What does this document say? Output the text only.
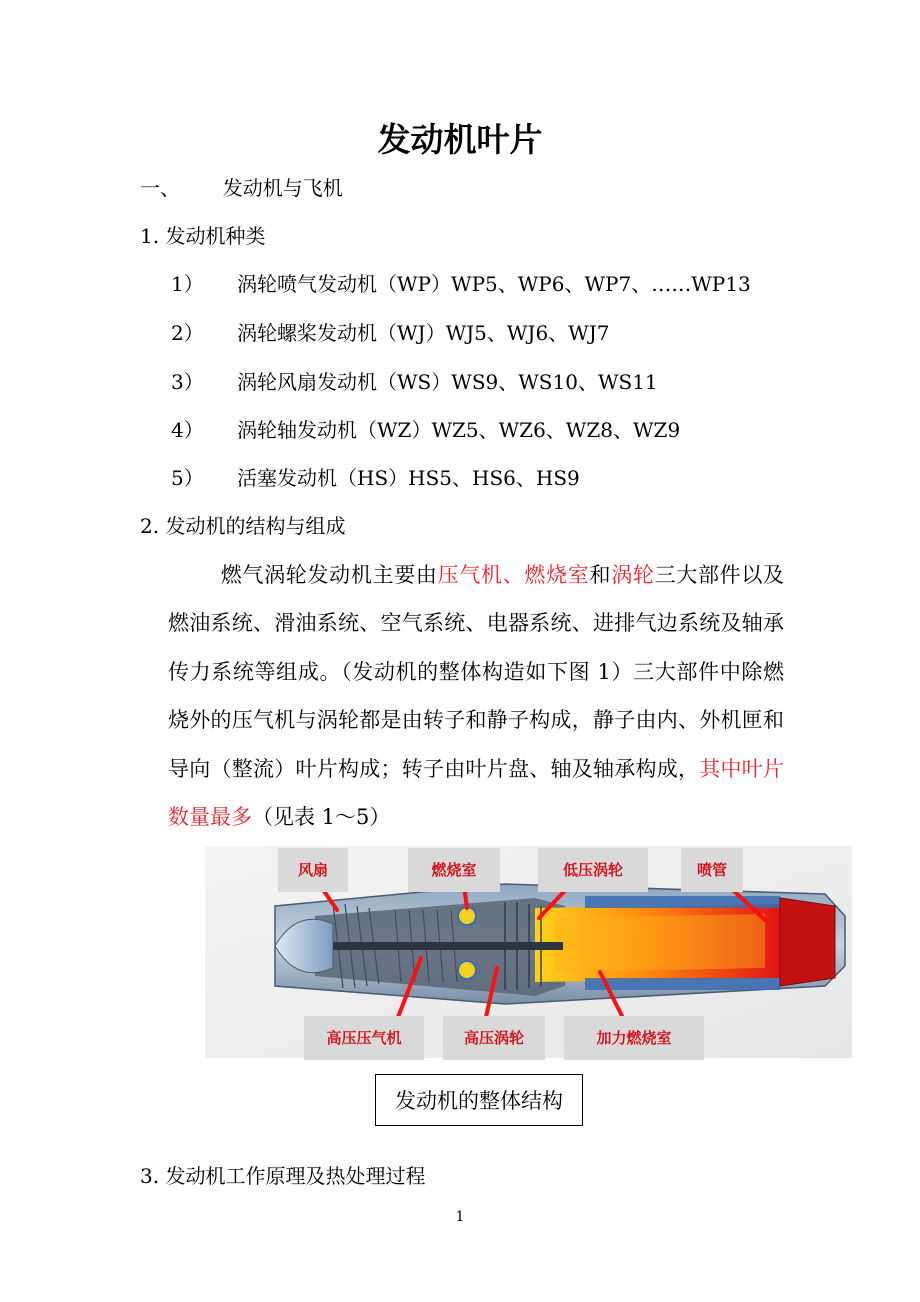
发动机叶片
一、 发动机与飞机
1. 发动机种类
1） 涡轮喷气发动机（WP）WP5、WP6、WP7、……WP13
2） 涡轮螺桨发动机（WJ）WJ5、WJ6、WJ7
3） 涡轮风扇发动机（WS）WS9、WS10、WS11
4） 涡轮轴发动机（WZ）WZ5、WZ6、WZ8、WZ9
5） 活塞发动机（HS）HS5、HS6、HS9
2. 发动机的结构与组成
燃气涡轮发动机主要由压气机、燃烧室和涡轮三大部件以及燃油系统、滑油系统、空气系统、电器系统、进排气边系统及轴承传力系统等组成。（发动机的整体构造如下图 1）三大部件中除燃烧外的压气机与涡轮都是由转子和静子构成，静子由内、外机匣和导向（整流）叶片构成；转子由叶片盘、轴及轴承构成，其中叶片数量最多（见表 1～5）
风扇	燃烧室	低压涡轮	喷管
高压压气机	高压涡轮	加力燃烧室
发动机的整体结构
3. 发动机工作原理及热处理过程
1
